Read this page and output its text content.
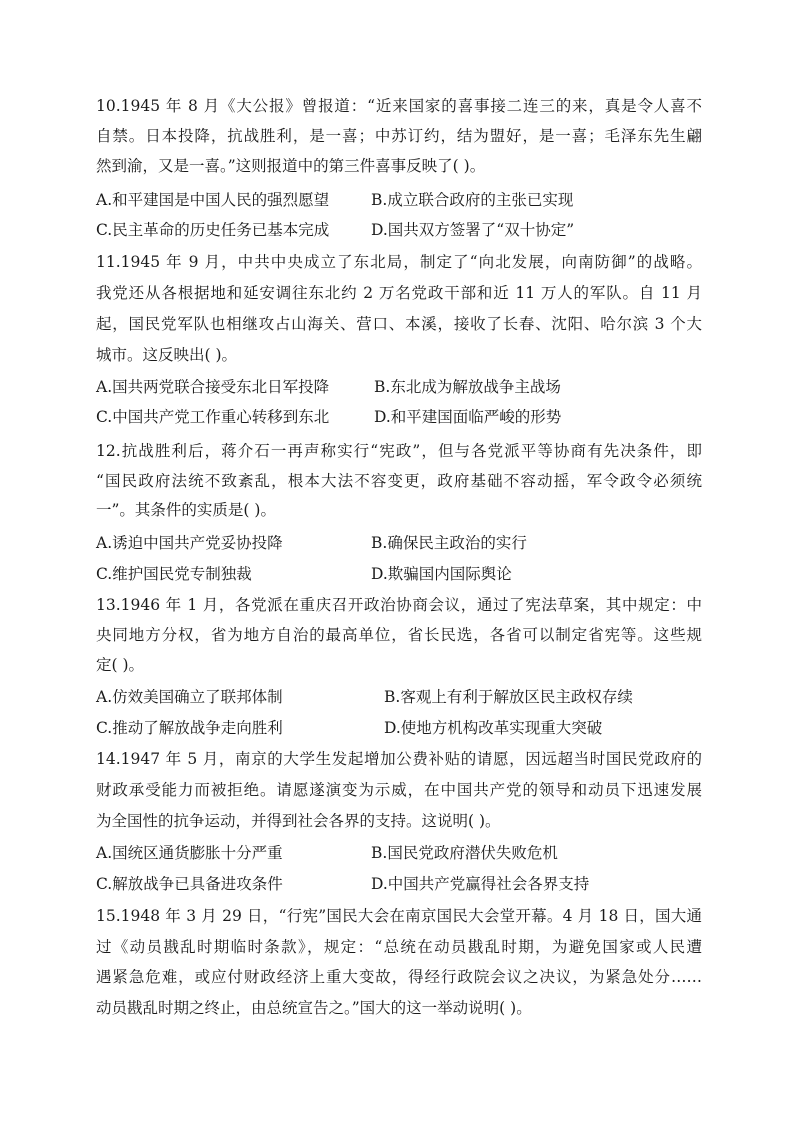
10.1945 年 8 月《大公报》曾报道：“近来国家的喜事接二连三的来，真是令人喜不
自禁。日本投降，抗战胜利，是一喜；中苏订约，结为盟好，是一喜；毛泽东先生翩
然到渝，又是一喜。”这则报道中的第三件喜事反映了( )。
A.和平建国是中国人民的强烈愿望	B.成立联合政府的主张已实现
C.民主革命的历史任务已基本完成	D.国共双方签署了“双十协定”
11.1945 年 9 月，中共中央成立了东北局，制定了“向北发展，向南防御”的战略。
我党还从各根据地和延安调往东北约 2 万名党政干部和近 11 万人的军队。自 11 月
起，国民党军队也相继攻占山海关、营口、本溪，接收了长春、沈阳、哈尔滨 3 个大
城市。这反映出( )。
A.国共两党联合接受东北日军投降	B.东北成为解放战争主战场
C.中国共产党工作重心转移到东北	D.和平建国面临严峻的形势
12.抗战胜利后，蒋介石一再声称实行“宪政”，但与各党派平等协商有先决条件，即
“国民政府法统不致紊乱，根本大法不容变更，政府基础不容动摇，军令政令必须统
一”。其条件的实质是( )。
A.诱迫中国共产党妥协投降	B.确保民主政治的实行
C.维护国民党专制独裁	D.欺骗国内国际舆论
13.1946 年 1 月，各党派在重庆召开政治协商会议，通过了宪法草案，其中规定：中
央同地方分权，省为地方自治的最高单位，省长民选，各省可以制定省宪等。这些规
定( )。
A.仿效美国确立了联邦体制	B.客观上有利于解放区民主政权存续
C.推动了解放战争走向胜利	D.使地方机构改革实现重大突破
14.1947 年 5 月，南京的大学生发起增加公费补贴的请愿，因远超当时国民党政府的
财政承受能力而被拒绝。请愿遂演变为示威，在中国共产党的领导和动员下迅速发展
为全国性的抗争运动，并得到社会各界的支持。这说明( )。
A.国统区通货膨胀十分严重	B.国民党政府潜伏失败危机
C.解放战争已具备进攻条件	D.中国共产党赢得社会各界支持
15.1948 年 3 月 29 日，“行宪”国民大会在南京国民大会堂开幕。4 月 18 日，国大通
过《动员戡乱时期临时条款》，规定：“总统在动员戡乱时期，为避免国家或人民遭
遇紧急危难，或应付财政经济上重大变故，得经行政院会议之决议，为紧急处分……
动员戡乱时期之终止，由总统宣告之。”国大的这一举动说明( )。
